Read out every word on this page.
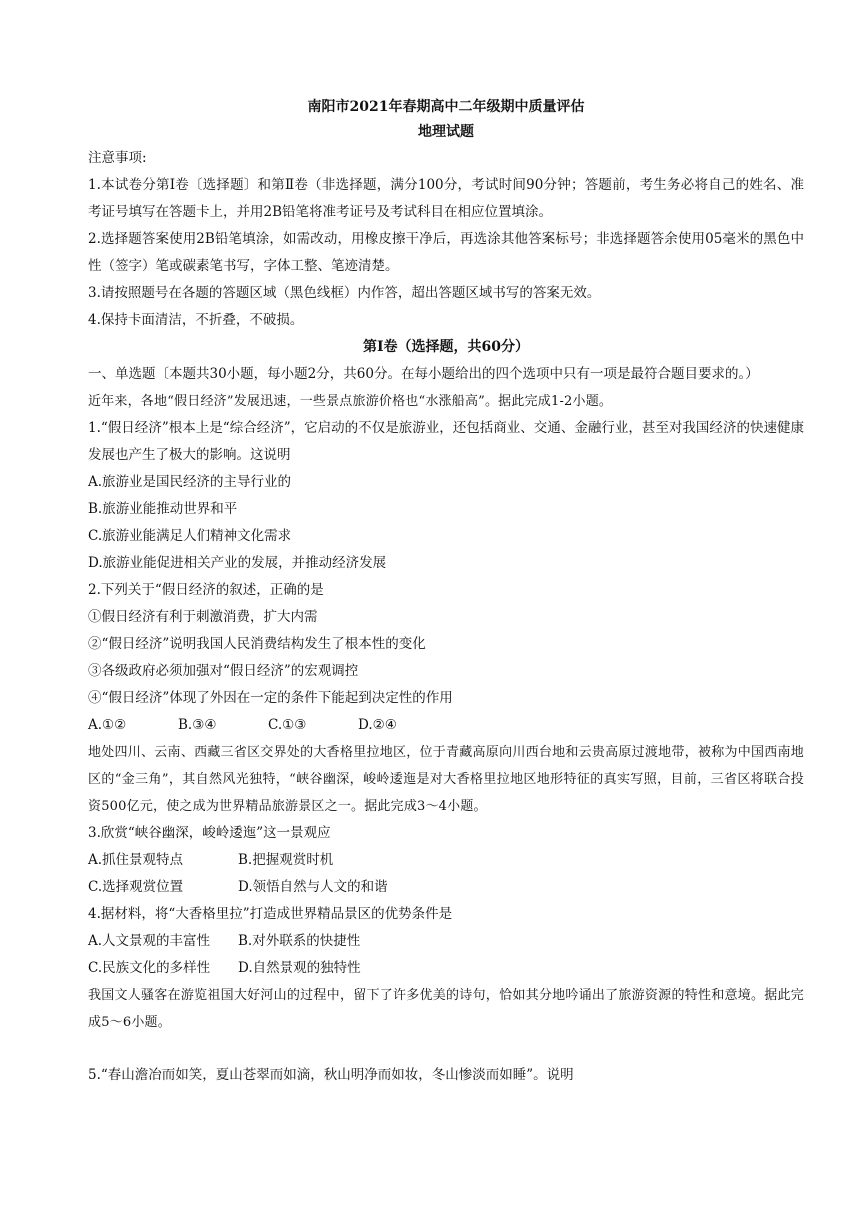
南阳市2021年春期高中二年级期中质量评估
地理试题
注意事项:
1.本试卷分第Ⅰ卷〔选择题〕和第Ⅱ卷（非选择题，满分100分，考试时间90分钟；答题前，考生务必将自己的姓名、准考证号填写在答题卡上，并用2B铅笔将准考证号及考试科目在相应位置填涂。
2.选择题答案使用2B铅笔填涂，如需改动，用橡皮擦干净后，再选涂其他答案标号；非选择题答余使用05毫米的黑色中性（签字）笔或碳素笔书写，字体工整、笔迹清楚。
3.请按照题号在各题的答题区域（黑色线框）内作答，超出答题区域书写的答案无效。
4.保持卡面清洁，不折叠，不破损。
第Ⅰ卷（选择题，共60分）
一、单选题〔本题共30小题，每小题2分，共60分。在每小题给出的四个选项中只有一项是最符合题目要求的。）
近年来，各地“假日经济”发展迅速，一些景点旅游价格也“水涨船高”。据此完成1-2小题。
1.“假日经济”根本上是“综合经济”，它启动的不仅是旅游业，还包括商业、交通、金融行业，甚至对我国经济的快速健康发展也产生了极大的影响。这说明
A.旅游业是国民经济的主导行业的
B.旅游业能推动世界和平
C.旅游业能满足人们精神文化需求
D.旅游业能促进相关产业的发展，并推动经济发展
2.下列关于“假日经济的叙述，正确的是
①假日经济有利于刺激消费，扩大内需
②“假日经济”说明我国人民消费结构发生了根本性的变化
③各级政府必须加强对“假日经济”的宏观调控
④“假日经济”体现了外因在一定的条件下能起到决定性的作用
A.①②	B.③④	C.①③	D.②④
地处四川、云南、西藏三省区交界处的大香格里拉地区，位于青藏高原向川西台地和云贵高原过渡地带，被称为中国西南地区的“金三角”，其自然风光独特，“峡谷幽深，峻岭逶迤是对大香格里拉地区地形特征的真实写照，目前，三省区将联合投资500亿元，使之成为世界精品旅游景区之一。据此完成3～4小题。
3.欣赏“峡谷幽深，峻岭逶迤”这一景观应
A.抓住景观特点	B.把握观赏时机
C.选择观赏位置	D.领悟自然与人文的和谐
4.据材料，将“大香格里拉”打造成世界精品景区的优势条件是
A.人文景观的丰富性	B.对外联系的快捷性
C.民族文化的多样性	D.自然景观的独特性
我国文人骚客在游览祖国大好河山的过程中，留下了许多优美的诗句，恰如其分地吟诵出了旅游资源的特性和意境。据此完成5～6小题。
5.“春山澹冶而如笑，夏山苍翠而如滴，秋山明净而如妆，冬山惨淡而如睡”。说明
